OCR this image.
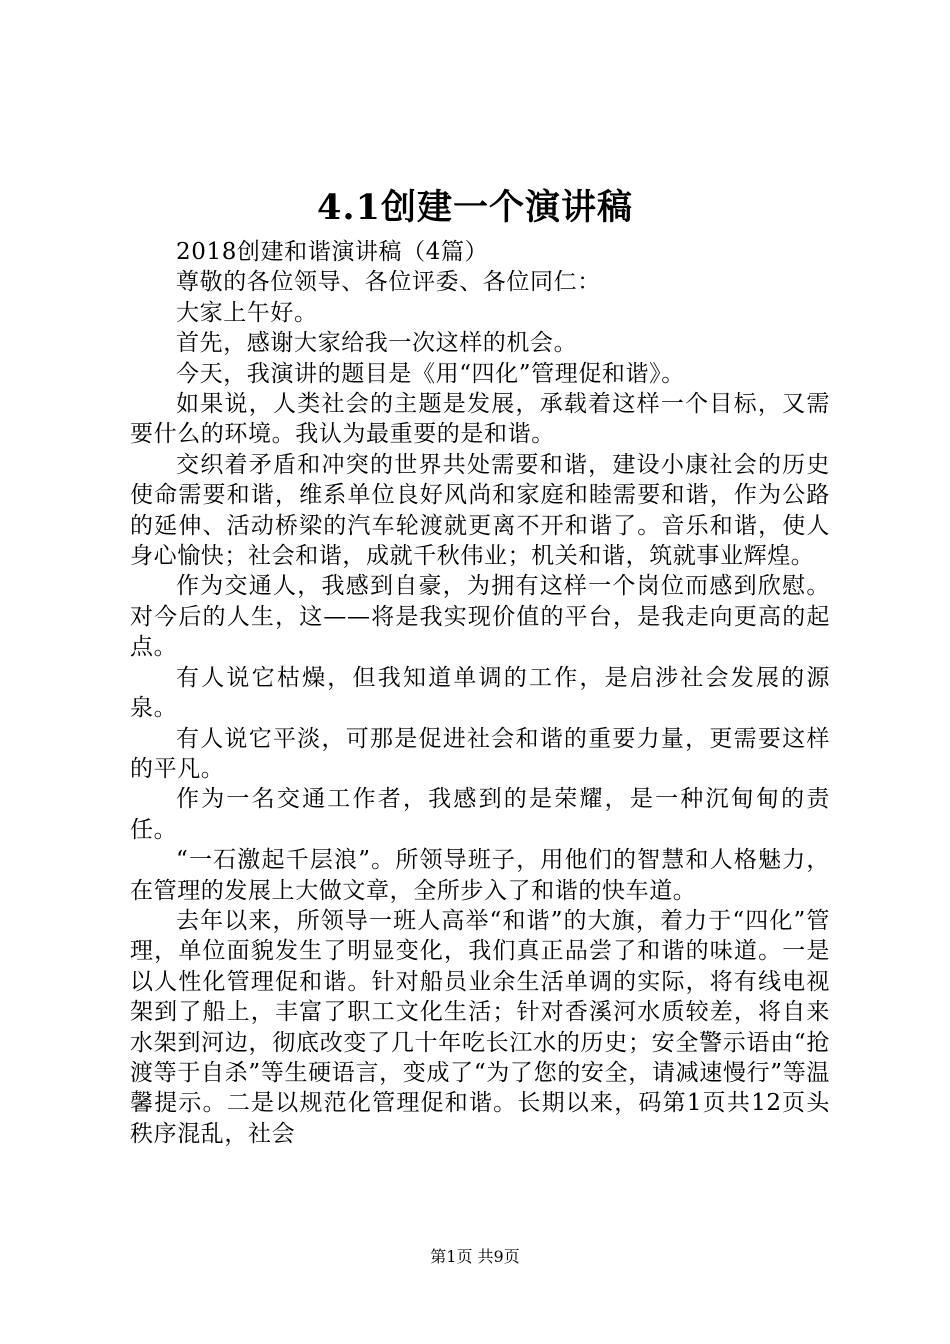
4.1创建一个演讲稿

2018创建和谐演讲稿（4篇）

尊敬的各位领导、各位评委、各位同仁：

大家上午好。

首先，感谢大家给我一次这样的机会。

今天，我演讲的题目是《用“四化”管理促和谐》。

如果说，人类社会的主题是发展，承载着这样一个目标，又需要什么的环境。我认为最重要的是和谐。

交织着矛盾和冲突的世界共处需要和谐，建设小康社会的历史使命需要和谐，维系单位良好风尚和家庭和睦需要和谐，作为公路的延伸、活动桥梁的汽车轮渡就更离不开和谐了。音乐和谐，使人身心愉快；社会和谐，成就千秋伟业；机关和谐，筑就事业辉煌。

作为交通人，我感到自豪，为拥有这样一个岗位而感到欣慰。对今后的人生，这——将是我实现价值的平台，是我走向更高的起点。

有人说它枯燥，但我知道单调的工作，是启涉社会发展的源泉。

有人说它平淡，可那是促进社会和谐的重要力量，更需要这样的平凡。

作为一名交通工作者，我感到的是荣耀，是一种沉甸甸的责任。

“一石激起千层浪”。所领导班子，用他们的智慧和人格魅力，在管理的发展上大做文章，全所步入了和谐的快车道。

去年以来，所领导一班人高举“和谐”的大旗，着力于“四化”管理，单位面貌发生了明显变化，我们真正品尝了和谐的味道。一是以人性化管理促和谐。针对船员业余生活单调的实际，将有线电视架到了船上，丰富了职工文化生活；针对香溪河水质较差，将自来水架到河边，彻底改变了几十年吃长江水的历史；安全警示语由“抢渡等于自杀”等生硬语言，变成了“为了您的安全，请减速慢行”等温馨提示。二是以规范化管理促和谐。长期以来，码第1页共12页头秩序混乱，社会

第1页 共9页
